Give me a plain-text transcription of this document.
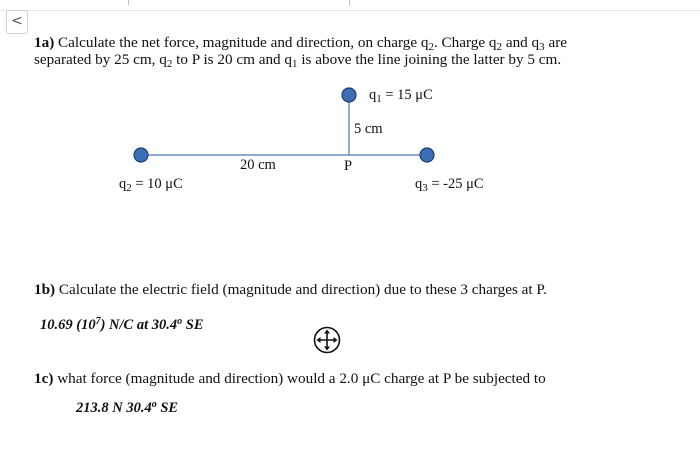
<
1a) Calculate the net force, magnitude and direction, on charge $q_2$. Charge $q_2$ and $q_3$ are
separated by 25 cm, $q_2$ to P is 20 cm and $q_1$ is above the line joining the latter by 5 cm.
$q_1 = 15$ μC
5 cm
20 cm	P
$q_2 = 10$ μC	$q_3 = -25$ μC
1b) Calculate the electric field (magnitude and direction) due to these 3 charges at P.
10.69 $(10^7)$ N/C at 30.4$^o$ SE
1c) what force (magnitude and direction) would a 2.0 μC charge at P be subjected to
213.8 N 30.4$^o$ SE
